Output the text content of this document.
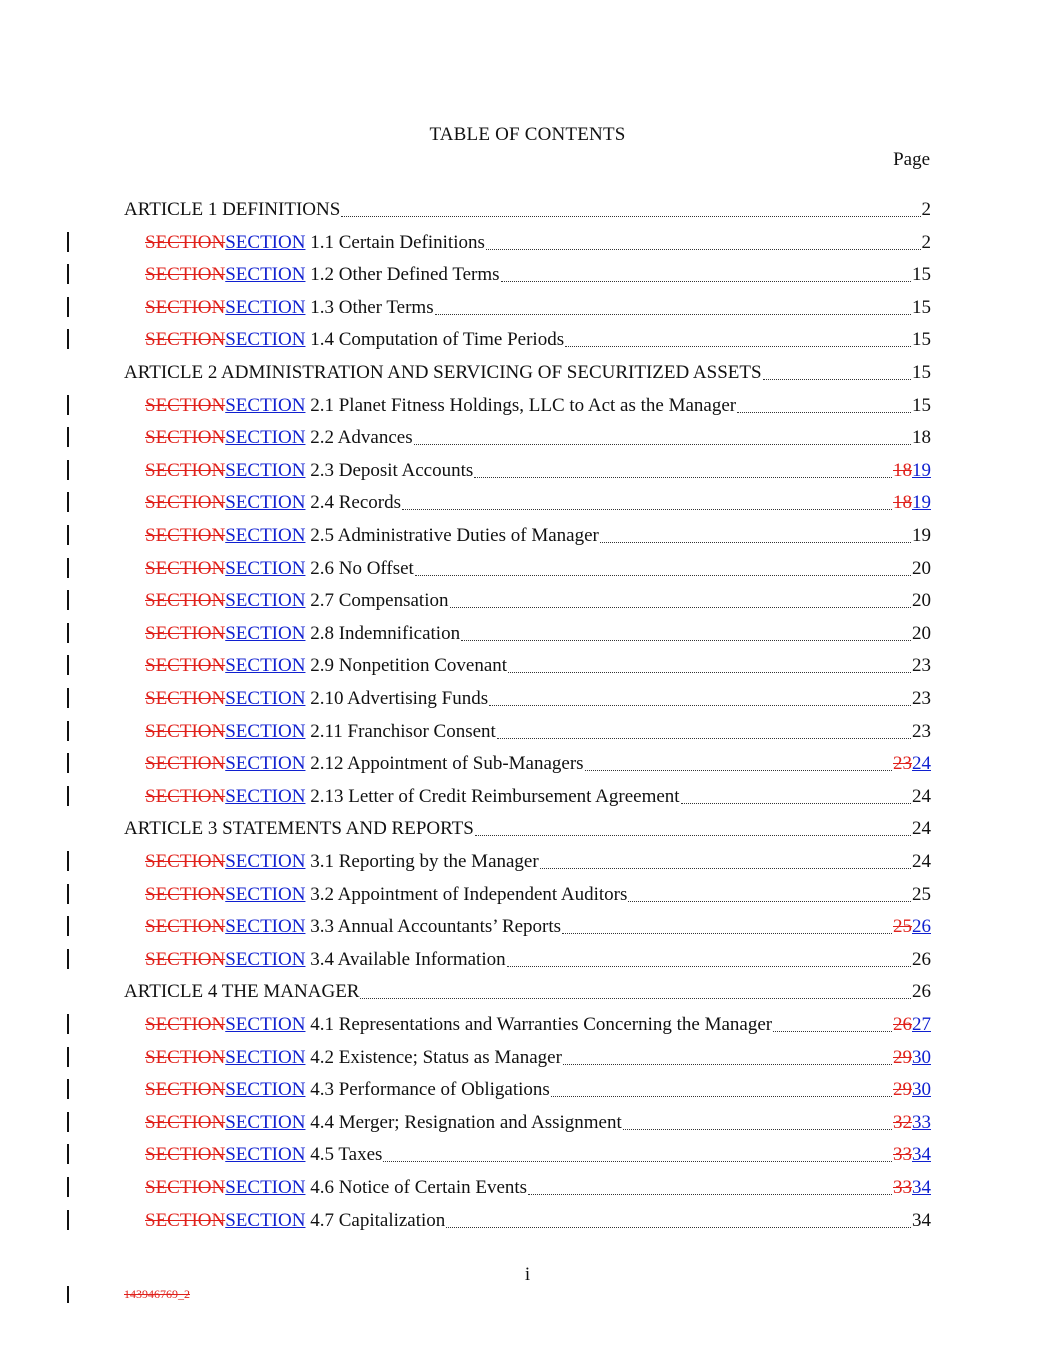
TABLE OF CONTENTS
Page
ARTICLE 1 DEFINITIONS	2
SECTIONSECTION 1.1 Certain Definitions	2
SECTIONSECTION 1.2 Other Defined Terms	15
SECTIONSECTION 1.3 Other Terms	15
SECTIONSECTION 1.4 Computation of Time Periods	15
ARTICLE 2 ADMINISTRATION AND SERVICING OF SECURITIZED ASSETS	15
SECTIONSECTION 2.1 Planet Fitness Holdings, LLC to Act as the Manager	15
SECTIONSECTION 2.2 Advances	18
SECTIONSECTION 2.3 Deposit Accounts	1819
SECTIONSECTION 2.4 Records	1819
SECTIONSECTION 2.5 Administrative Duties of Manager	19
SECTIONSECTION 2.6 No Offset	20
SECTIONSECTION 2.7 Compensation	20
SECTIONSECTION 2.8 Indemnification	20
SECTIONSECTION 2.9 Nonpetition Covenant	23
SECTIONSECTION 2.10 Advertising Funds	23
SECTIONSECTION 2.11 Franchisor Consent	23
SECTIONSECTION 2.12 Appointment of Sub-Managers	2324
SECTIONSECTION 2.13 Letter of Credit Reimbursement Agreement	24
ARTICLE 3 STATEMENTS AND REPORTS	24
SECTIONSECTION 3.1 Reporting by the Manager	24
SECTIONSECTION 3.2 Appointment of Independent Auditors	25
SECTIONSECTION 3.3 Annual Accountants’ Reports	2526
SECTIONSECTION 3.4 Available Information	26
ARTICLE 4 THE MANAGER	26
SECTIONSECTION 4.1 Representations and Warranties Concerning the Manager	2627
SECTIONSECTION 4.2 Existence; Status as Manager	2930
SECTIONSECTION 4.3 Performance of Obligations	2930
SECTIONSECTION 4.4 Merger; Resignation and Assignment	3233
SECTIONSECTION 4.5 Taxes	3334
SECTIONSECTION 4.6 Notice of Certain Events	3334
SECTIONSECTION 4.7 Capitalization	34
i
143946769_2
